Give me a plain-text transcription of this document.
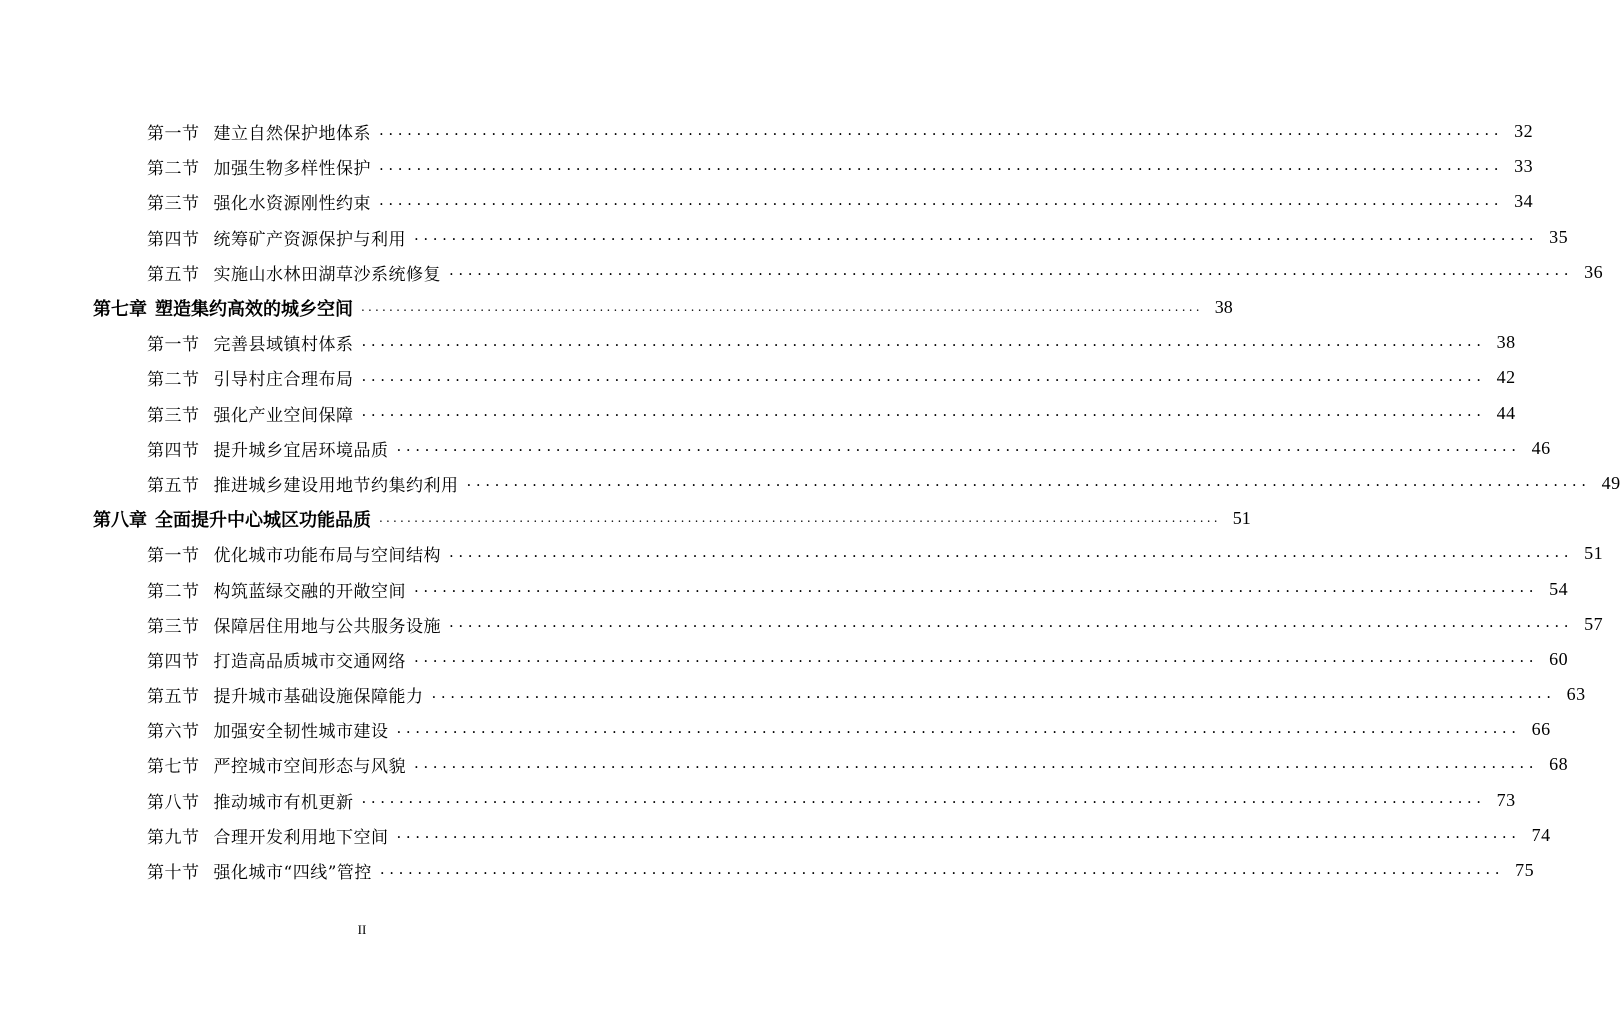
第一节 建立自然保护地体系 ........................................................................................................................ 32
第二节 加强生物多样性保护 ........................................................................................................................ 33
第三节 强化水资源刚性约束 ........................................................................................................................ 34
第四节 统筹矿产资源保护与利用 ........................................................................................................................ 35
第五节 实施山水林田湖草沙系统修复 ........................................................................................................................ 36
第七章 塑造集约高效的城乡空间 ........................................................................................................................ 38
第一节 完善县域镇村体系 ........................................................................................................................ 38
第二节 引导村庄合理布局 ........................................................................................................................ 42
第三节 强化产业空间保障 ........................................................................................................................ 44
第四节 提升城乡宜居环境品质 ........................................................................................................................ 46
第五节 推进城乡建设用地节约集约利用 ........................................................................................................................ 49
第八章 全面提升中心城区功能品质 ........................................................................................................................ 51
第一节 优化城市功能布局与空间结构 ........................................................................................................................ 51
第二节 构筑蓝绿交融的开敞空间 ........................................................................................................................ 54
第三节 保障居住用地与公共服务设施 ........................................................................................................................ 57
第四节 打造高品质城市交通网络 ........................................................................................................................ 60
第五节 提升城市基础设施保障能力 ........................................................................................................................ 63
第六节 加强安全韧性城市建设 ........................................................................................................................ 66
第七节 严控城市空间形态与风貌 ........................................................................................................................ 68
第八节 推动城市有机更新 ........................................................................................................................ 73
第九节 合理开发利用地下空间 ........................................................................................................................ 74
第十节 强化城市“四线”管控 ........................................................................................................................ 75
II
